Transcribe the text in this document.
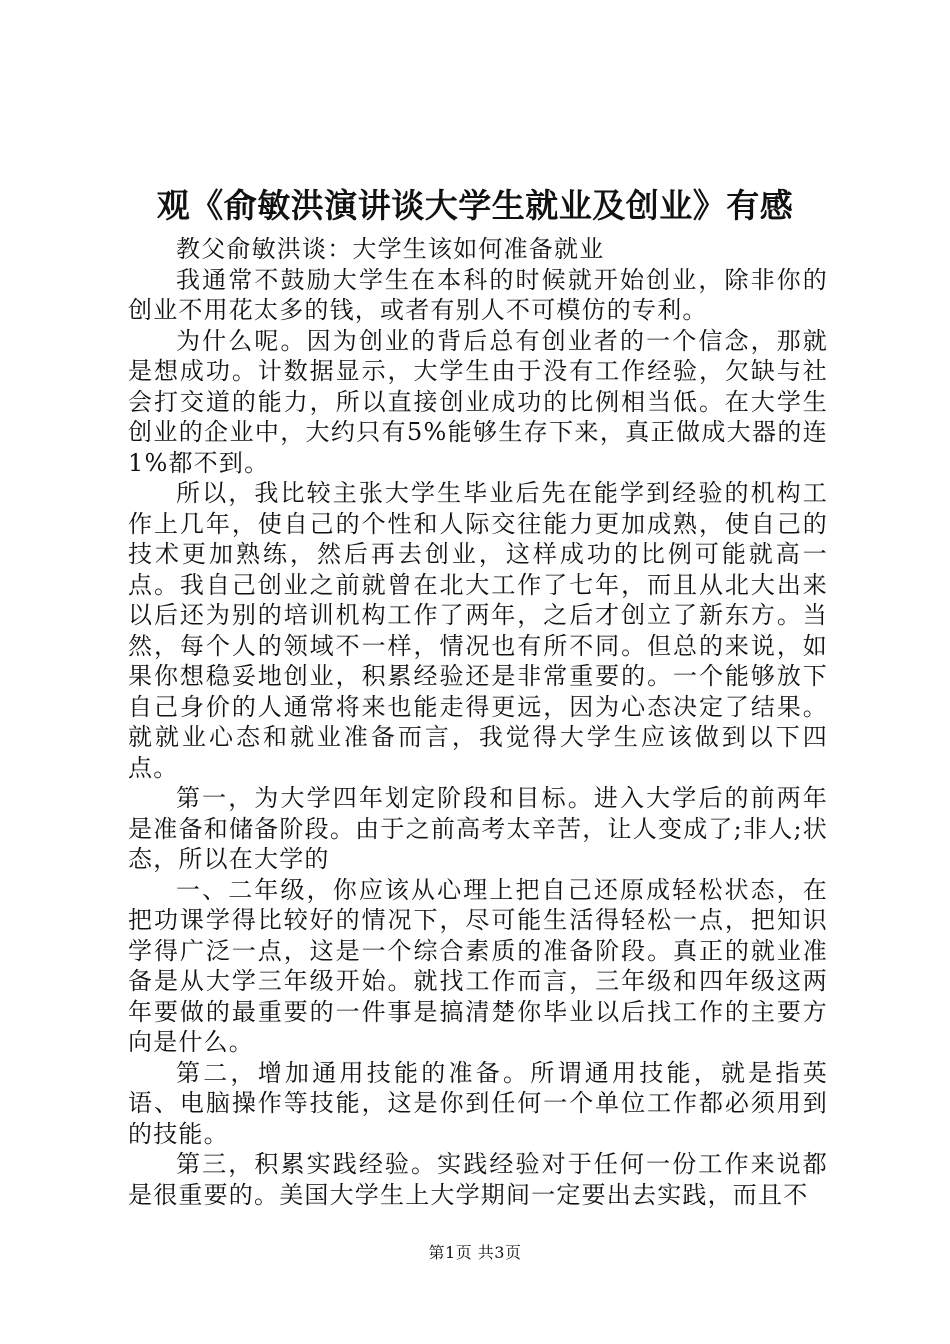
观《俞敏洪演讲谈大学生就业及创业》有感

教父俞敏洪谈：大学生该如何准备就业

我通常不鼓励大学生在本科的时候就开始创业，除非你的创业不用花太多的钱，或者有别人不可模仿的专利。

为什么呢。因为创业的背后总有创业者的一个信念，那就是想成功。计数据显示，大学生由于没有工作经验，欠缺与社会打交道的能力，所以直接创业成功的比例相当低。在大学生创业的企业中，大约只有5%能够生存下来，真正做成大器的连1%都不到。

所以，我比较主张大学生毕业后先在能学到经验的机构工作上几年，使自己的个性和人际交往能力更加成熟，使自己的技术更加熟练，然后再去创业，这样成功的比例可能就高一点。我自己创业之前就曾在北大工作了七年，而且从北大出来以后还为别的培训机构工作了两年，之后才创立了新东方。当然，每个人的领域不一样，情况也有所不同。但总的来说，如果你想稳妥地创业，积累经验还是非常重要的。一个能够放下自己身价的人通常将来也能走得更远，因为心态决定了结果。就就业心态和就业准备而言，我觉得大学生应该做到以下四点。

第一，为大学四年划定阶段和目标。进入大学后的前两年是准备和储备阶段。由于之前高考太辛苦，让人变成了;非人;状态，所以在大学的

一、二年级，你应该从心理上把自己还原成轻松状态，在把功课学得比较好的情况下，尽可能生活得轻松一点，把知识学得广泛一点，这是一个综合素质的准备阶段。真正的就业准备是从大学三年级开始。就找工作而言，三年级和四年级这两年要做的最重要的一件事是搞清楚你毕业以后找工作的主要方向是什么。

第二，增加通用技能的准备。所谓通用技能，就是指英语、电脑操作等技能，这是你到任何一个单位工作都必须用到的技能。

第三，积累实践经验。实践经验对于任何一份工作来说都是很重要的。美国大学生上大学期间一定要出去实践，而且不

第1页 共3页
